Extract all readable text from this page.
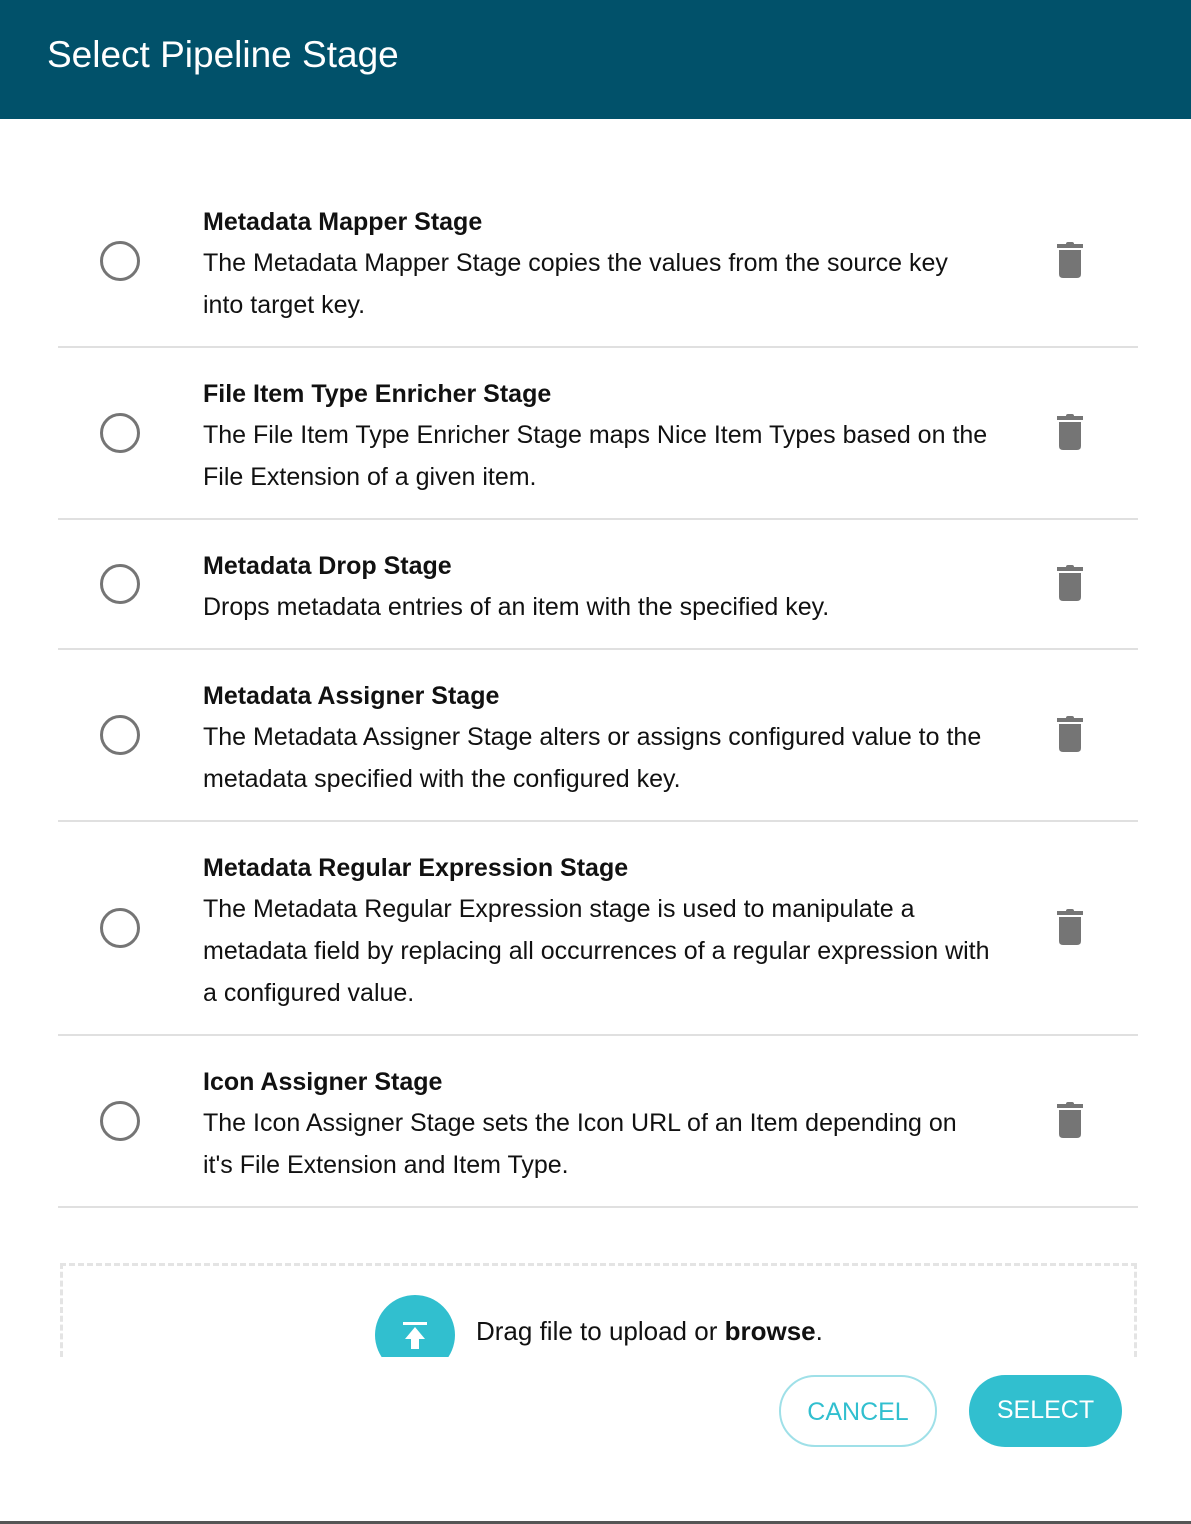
Select Pipeline Stage
Metadata Mapper Stage
The Metadata Mapper Stage copies the values from the source key into target key.
File Item Type Enricher Stage
The File Item Type Enricher Stage maps Nice Item Types based on the File Extension of a given item.
Metadata Drop Stage
Drops metadata entries of an item with the specified key.
Metadata Assigner Stage
The Metadata Assigner Stage alters or assigns configured value to the metadata specified with the configured key.
Metadata Regular Expression Stage
The Metadata Regular Expression stage is used to manipulate a metadata field by replacing all occurrences of a regular expression with a configured value.
Icon Assigner Stage
The Icon Assigner Stage sets the Icon URL of an Item depending on it's File Extension and Item Type.
Drag file to upload or browse.
CANCEL	SELECT
